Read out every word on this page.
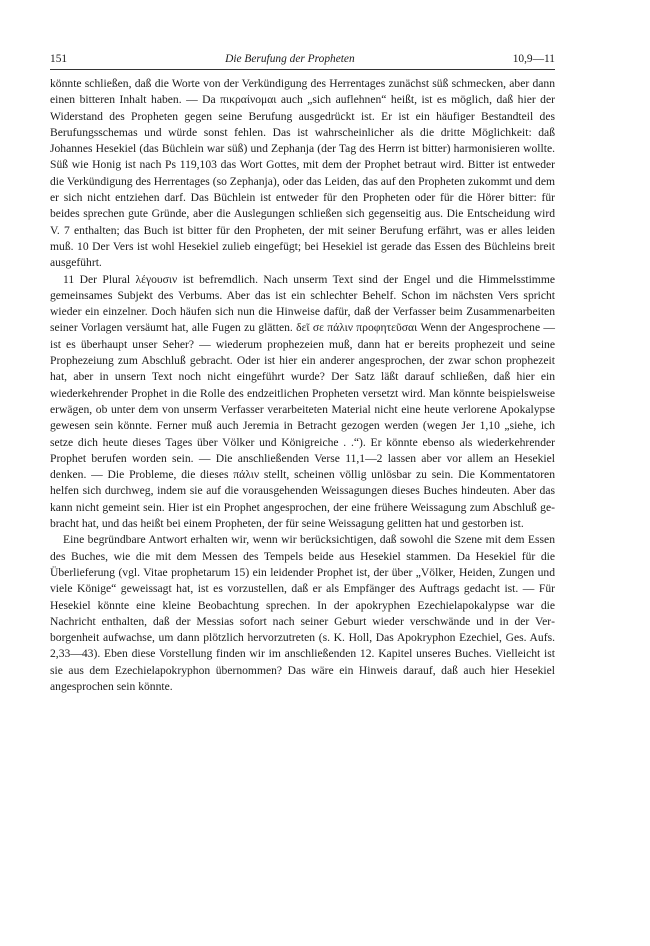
151	Die Berufung der Propheten	10,9—11

könnte schließen, daß die Worte von der Verkündigung des Herrentages zunächst süß schmecken, aber dann einen bitteren Inhalt haben. — Da πικραίνομαι auch „sich auflehnen“ heißt, ist es möglich, daß hier der Widerstand des Propheten gegen seine Berufung ausgedrückt ist. Er ist ein häufiger Bestandteil des Berufungsschemas und würde sonst fehlen. Das ist wahrscheinlicher als die dritte Möglichkeit: daß Johannes Hesekiel (das Büchlein war süß) und Zephanja (der Tag des Herrn ist bitter) harmonisieren wollte. Süß wie Honig ist nach Ps 119,103 das Wort Gottes, mit dem der Prophet betraut wird. Bitter ist entweder die Verkündigung des Herrentages (so Zephanja), oder das Leiden, das auf den Propheten zukommt und dem er sich nicht entziehen darf. Das Büchlein ist entweder für den Propheten oder für die Hörer bitter: für beides sprechen gute Gründe, aber die Auslegungen schließen sich gegenseitig aus. Die Entscheidung wird V. 7 enthalten; das Buch ist bitter für den Propheten, der mit seiner Berufung erfährt, was er alles leiden muß. 10 Der Vers ist wohl Hesekiel zulieb eingefügt; bei Hesekiel ist gerade das Essen des Büchleins breit ausgeführt.

11 Der Plural λέγουσιν ist befremdlich. Nach unserm Text sind der Engel und die Himmelsstimme gemeinsames Subjekt des Verbums. Aber das ist ein schlechter Behelf. Schon im nächsten Vers spricht wieder ein einzelner. Doch häufen sich nun die Hinweise dafür, daß der Verfasser beim Zusammenarbeiten seiner Vorlagen versäumt hat, alle Fugen zu glätten. δεῖ σε πάλιν προφητεῦσαι Wenn der Angesprochene — ist es überhaupt unser Seher? — wiederum prophezeien muß, dann hat er bereits prophezeit und seine Prophezeiung zum Abschluß gebracht. Oder ist hier ein anderer angesprochen, der zwar schon prophezeit hat, aber in unsern Text noch nicht eingeführt wurde? Der Satz läßt darauf schließen, daß hier ein wiederkehrender Prophet in die Rolle des endzeitlichen Propheten versetzt wird. Man könnte beispielsweise erwägen, ob unter dem von unserm Verfasser verarbeiteten Material nicht eine heute verlorene Apokalypse gewesen sein könnte. Ferner muß auch Jeremia in Betracht gezogen werden (wegen Jer 1,10 „siehe, ich setze dich heute dieses Tages über Völker und Königreiche . .“). Er könnte ebenso als wiederkehrender Prophet berufen worden sein. — Die anschließenden Verse 11,1—2 lassen aber vor allem an Hesekiel denken. — Die Probleme, die dieses πάλιν stellt, scheinen völlig unlösbar zu sein. Die Kommentatoren helfen sich durchweg, indem sie auf die vorausgehenden Weissagungen dieses Buches hindeuten. Aber das kann nicht gemeint sein. Hier ist ein Prophet angesprochen, der eine frühere Weissagung zum Abschluß gebracht hat, und das heißt bei einem Propheten, der für seine Weissagung gelitten hat und gestorben ist.

Eine begründbare Antwort erhalten wir, wenn wir berücksichtigen, daß sowohl die Szene mit dem Essen des Buches, wie die mit dem Messen des Tempels beide aus Hesekiel stammen. Da Hesekiel für die Überlieferung (vgl. Vitae prophetarum 15) ein leidender Prophet ist, der über „Völker, Heiden, Zungen und viele Könige“ geweissagt hat, ist es vorzustellen, daß er als Empfänger des Auftrags gedacht ist. — Für Hesekiel könnte eine kleine Beobachtung sprechen. In der apokryphen Ezechielapokalypse war die Nachricht enthalten, daß der Messias sofort nach seiner Geburt wieder verschwände und in der Verborgenheit aufwachse, um dann plötzlich hervorzutreten (s. K. Holl, Das Apokryphon Ezechiel, Ges. Aufs. 2,33—43). Eben diese Vorstellung finden wir im anschließenden 12. Kapitel unseres Buches. Vielleicht ist sie aus dem Ezechielapokryphon übernommen? Das wäre ein Hinweis darauf, daß auch hier Hesekiel angesprochen sein könnte.
